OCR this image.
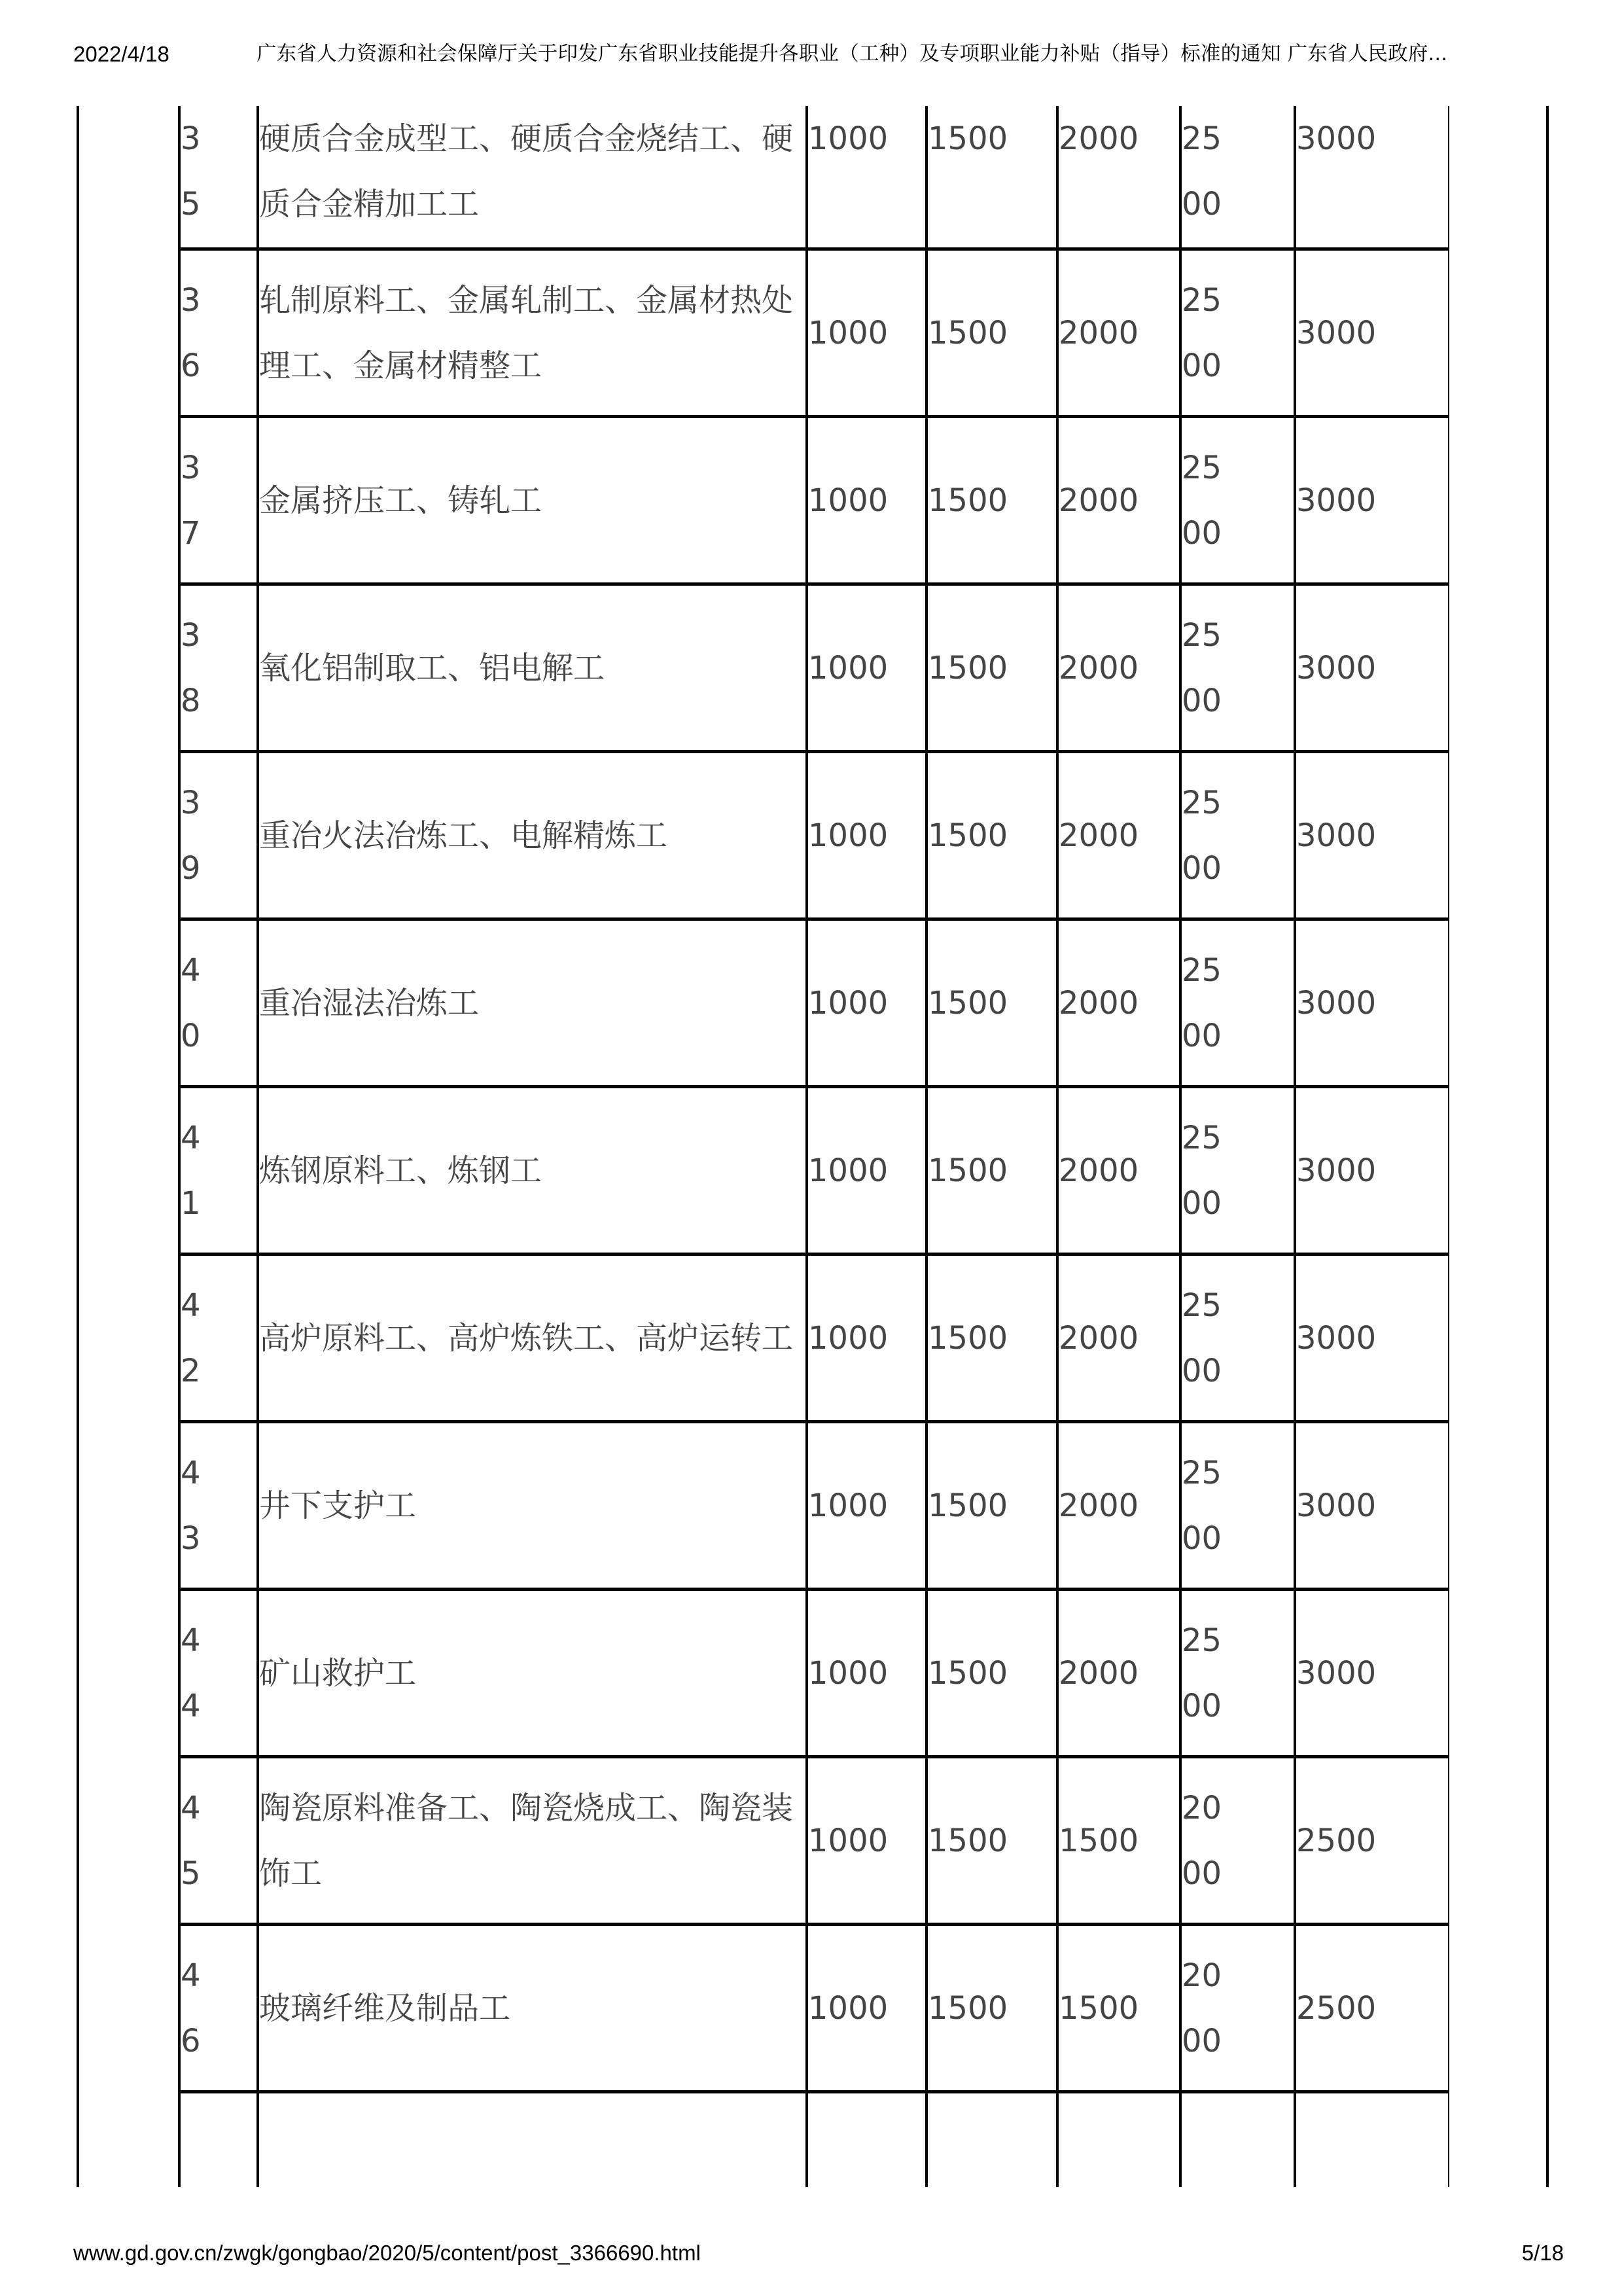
2022/4/18	广东省人力资源和社会保障厅关于印发广东省职业技能提升各职业（工种）及专项职业能力补贴（指导）标准的通知 广东省人民政府...
35	硬质合金成型工、硬质合金烧结工、硬质合金精加工工	1000	1500	2000	2500	3000

36	轧制原料工、金属轧制工、金属材热处理工、金属材精整工	1000	1500	2000	2500	3000

37	金属挤压工、铸轧工	1000	1500	2000	2500	3000

38	氧化铝制取工、铝电解工	1000	1500	2000	2500	3000

39	重冶火法冶炼工、电解精炼工	1000	1500	2000	2500	3000

40	重冶湿法冶炼工	1000	1500	2000	2500	3000

41	炼钢原料工、炼钢工	1000	1500	2000	2500	3000

42	高炉原料工、高炉炼铁工、高炉运转工	1000	1500	2000	2500	3000

43	井下支护工	1000	1500	2000	2500	3000

44	矿山救护工	1000	1500	2000	2500	3000

45	陶瓷原料准备工、陶瓷烧成工、陶瓷装饰工	1000	1500	1500	2000	2500

46	玻璃纤维及制品工	1000	1500	1500	2000	2500

www.gd.gov.cn/zwgk/gongbao/2020/5/content/post_3366690.html	5/18
